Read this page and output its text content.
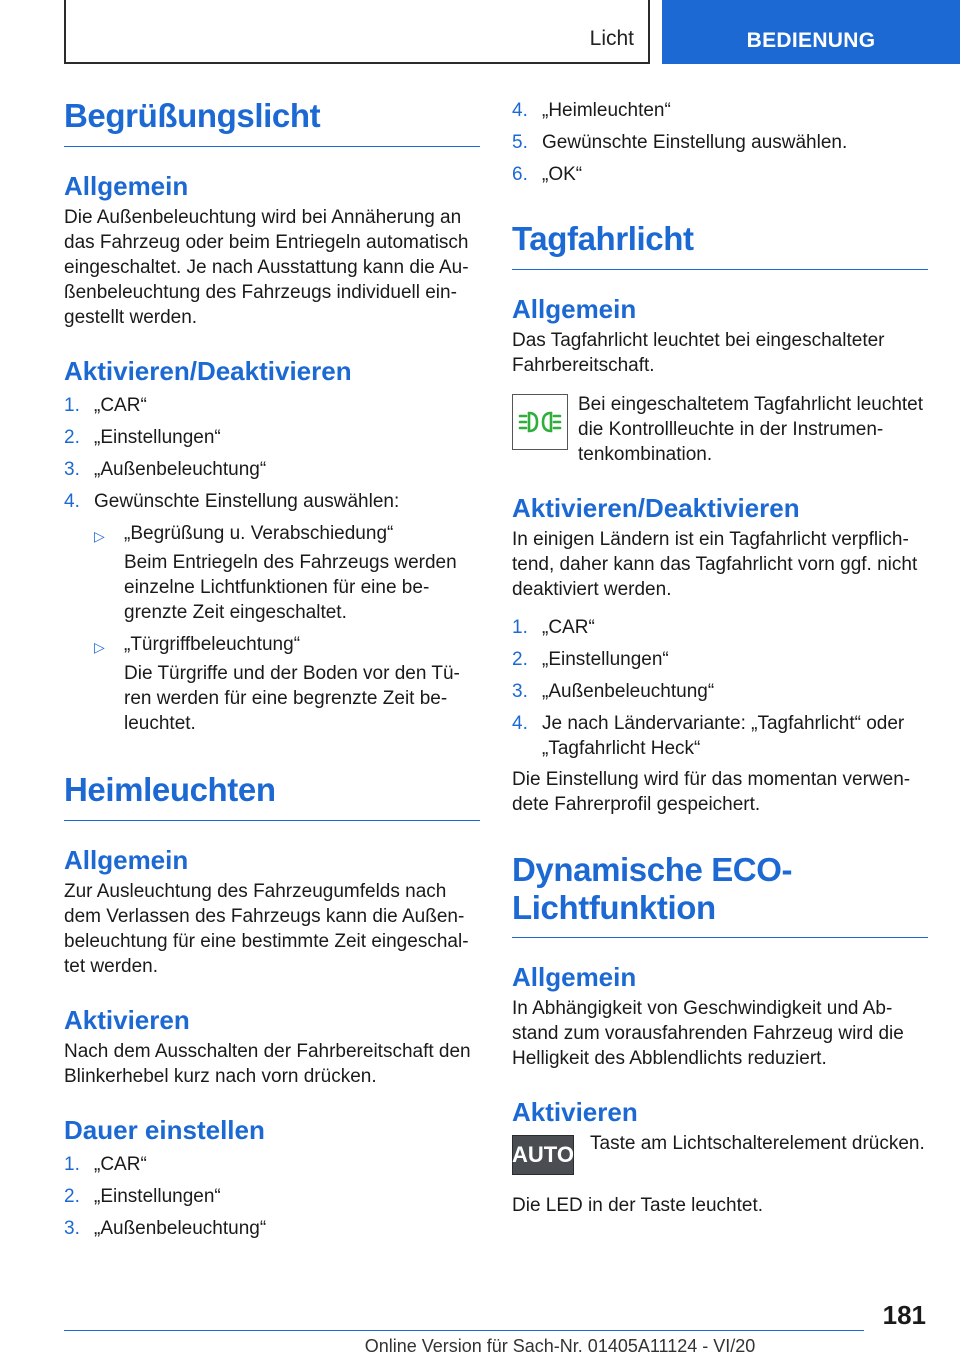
Licht	BEDIENUNG
Begrüßungslicht
Allgemein

Die Außenbeleuchtung wird bei Annäherung an das Fahrzeug oder beim Entriegeln automatisch eingeschaltet. Je nach Ausstattung kann die Außenbeleuchtung des Fahrzeugs individuell eingestellt werden.

Aktivieren/Deaktivieren
1. „CAR“
2. „Einstellungen“
3. „Außenbeleuchtung“
4. Gewünschte Einstellung auswählen:
▷	„Begrüßung u. Verabschiedung“
Beim Entriegeln des Fahrzeugs werden einzelne Lichtfunktionen für eine begrenzte Zeit eingeschaltet.
▷	„Türgriffbeleuchtung“
Die Türgriffe und der Boden vor den Türen werden für eine begrenzte Zeit beleuchtet.
Heimleuchten
Allgemein

Zur Ausleuchtung des Fahrzeugumfelds nach dem Verlassen des Fahrzeugs kann die Außenbeleuchtung für eine bestimmte Zeit eingeschaltet werden.

Aktivieren

Nach dem Ausschalten der Fahrbereitschaft den Blinkerhebel kurz nach vorn drücken.

Dauer einstellen
1. „CAR“
2. „Einstellungen“
3. „Außenbeleuchtung“
4. „Heimleuchten“
5. Gewünschte Einstellung auswählen.
6. „OK“
Tagfahrlicht
Allgemein

Das Tagfahrlicht leuchtet bei eingeschalteter Fahrbereitschaft.

Bei eingeschaltetem Tagfahrlicht leuchtet die Kontrollleuchte in der Instrumentenkombination.

Aktivieren/Deaktivieren

In einigen Ländern ist ein Tagfahrlicht verpflichtend, daher kann das Tagfahrlicht vorn ggf. nicht deaktiviert werden.

1. „CAR“
2. „Einstellungen“
3. „Außenbeleuchtung“
4. Je nach Ländervariante: „Tagfahrlicht“ oder „Tagfahrlicht Heck“

Die Einstellung wird für das momentan verwendete Fahrerprofil gespeichert.

Dynamische ECO-Lichtfunktion
Allgemein

In Abhängigkeit von Geschwindigkeit und Abstand zum vorausfahrenden Fahrzeug wird die Helligkeit des Abblendlichts reduziert.

Aktivieren
AUTO Taste am Lichtschalterelement drücken.

Die LED in der Taste leuchtet.

181
Online Version für Sach-Nr. 01405A11124 - VI/20
